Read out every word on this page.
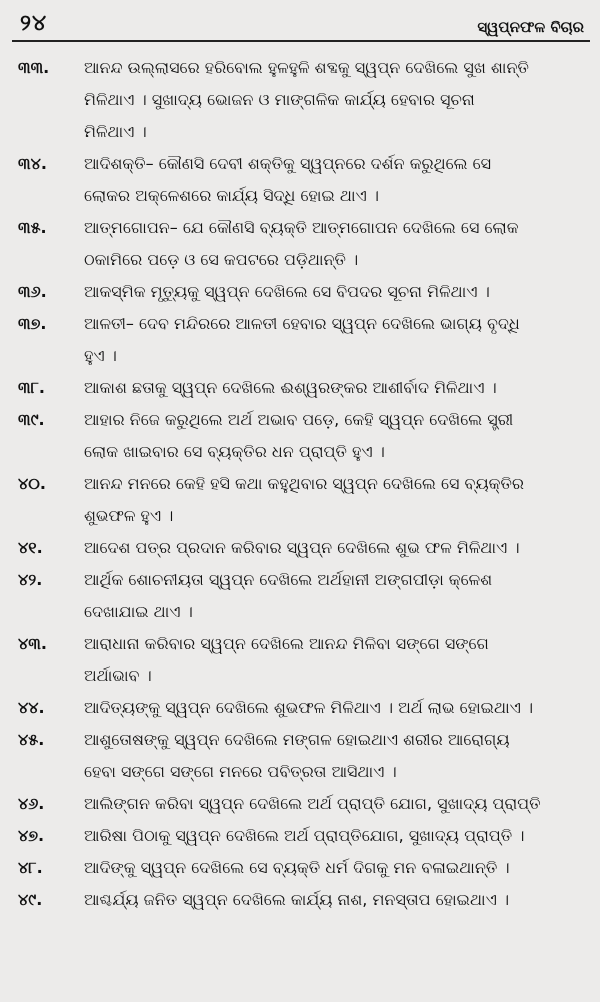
୨୪	ସ୍ୱପ୍ନଫଳ ବିଚାର
୩୩.	ଆନନ୍ଦ ଉଲ୍ଲାସରେ ହରିବୋଲ ହୁଳହୁଳି ଶବ୍ଦକୁ ସ୍ୱପ୍ନ ଦେଖିଲେ ସୁଖ ଶାନ୍ତି
ମିଳିଥାଏ । ସୁଖାଦ୍ୟ ଭୋଜନ ଓ ମାଙ୍ଗଳିକ କାର୍ଯ୍ୟ ହେବାର ସୂଚନା
ମିଳିଥାଏ ।
୩୪.	ଆଦିଶକ୍ତି– କୌଣସି ଦେବୀ ଶକ୍ତିକୁ ସ୍ୱପ୍ନରେ ଦର୍ଶନ କରୁଥିଲେ ସେ
ଲୋକର ଅକ୍ଳେଶରେ କାର୍ଯ୍ୟ ସିଦ୍ଧି ହୋଇ ଥାଏ ।
୩୫.	ଆତ୍ମଗୋପନ– ଯେ କୌଣସି ବ୍ୟକ୍ତି ଆତ୍ମଗୋପନ ଦେଖିଲେ ସେ ଲୋକ
ଠକାମିରେ ପଡ଼େ ଓ ସେ କପଟରେ ପଡ଼ିଥାନ୍ତି ।
୩୬.	ଆକସ୍ମିକ ମୃତ୍ୟୁକୁ ସ୍ୱପ୍ନ ଦେଖିଲେ ସେ ବିପଦର ସୂଚନା ମିଳିଥାଏ ।
୩୭.	ଆଳତୀ– ଦେବ ମନ୍ଦିରରେ ଆଳତୀ ହେବାର ସ୍ୱପ୍ନ ଦେଖିଲେ ଭାଗ୍ୟ ବୃଦ୍ଧି
ହୁଏ ।
୩୮.	ଆକାଶ ଛତାକୁ ସ୍ୱପ୍ନ ଦେଖିଲେ ଈଶ୍ୱରଙ୍କର ଆଶୀର୍ବାଦ ମିଳିଥାଏ ।
୩୯.	ଆହାର ନିଜେ କରୁଥିଲେ ଅର୍ଥ ଅଭାବ ପଡ଼େ, କେହି ସ୍ୱପ୍ନ ଦେଖିଲେ ସ୍ତ୍ରୀ
ଲୋକ ଖାଇବାର ସେ ବ୍ୟକ୍ତିର ଧନ ପ୍ରାପ୍ତି ହୁଏ ।
୪୦.	ଆନନ୍ଦ ମନରେ କେହି ହସି କଥା କହୁଥିବାର ସ୍ୱପ୍ନ ଦେଖିଲେ ସେ ବ୍ୟକ୍ତିର
ଶୁଭଫଳ ହୁଏ ।
୪୧.	ଆଦେଶ ପତ୍ର ପ୍ରଦାନ କରିବାର ସ୍ୱପ୍ନ ଦେଖିଲେ ଶୁଭ ଫଳ ମିଳିଥାଏ ।
୪୨.	ଆର୍ଥିକ ଶୋଚନୀୟତା ସ୍ୱପ୍ନ ଦେଖିଲେ ଅର୍ଥହାନୀ ଅଙ୍ଗପୀଡ଼ା କ୍ଳେଶ
ଦେଖାଯାଇ ଥାଏ ।
୪୩.	ଆରାଧାନା କରିବାର ସ୍ୱପ୍ନ ଦେଖିଲେ ଆନନ୍ଦ ମିଳିବା ସଙ୍ଗେ ସଙ୍ଗେ
ଅର୍ଥାଭାବ ।
୪୪.	ଆଦିତ୍ୟଙ୍କୁ ସ୍ୱପ୍ନ ଦେଖିଲେ ଶୁଭଫଳ ମିଳିଥାଏ । ଅର୍ଥ ଲାଭ ହୋଇଥାଏ ।
୪୫.	ଆଶୁତୋଷଙ୍କୁ ସ୍ୱପ୍ନ ଦେଖିଲେ ମଙ୍ଗଳ ହୋଇଥାଏ ଶରୀର ଆରୋଗ୍ୟ
ହେବା ସଙ୍ଗେ ସଙ୍ଗେ ମନରେ ପବିତ୍ରତା ଆସିଥାଏ ।
୪୬.	ଆଲିଙ୍ଗନ କରିବା ସ୍ୱପ୍ନ ଦେଖିଲେ ଅର୍ଥ ପ୍ରାପ୍ତି ଯୋଗ, ସୁଖାଦ୍ୟ ପ୍ରାପ୍ତି
୪୭.	ଆରିଷା ପିଠାକୁ ସ୍ୱପ୍ନ ଦେଖିଲେ ଅର୍ଥ ପ୍ରାପ୍ତିଯୋଗ, ସୁଖାଦ୍ୟ ପ୍ରାପ୍ତି ।
୪୮.	ଆଦିଙ୍କୁ ସ୍ୱପ୍ନ ଦେଖିଲେ ସେ ବ୍ୟକ୍ତି ଧର୍ମ ଦିଗକୁ ମନ ବଳାଇଥାନ୍ତି ।
୪୯.	ଆଶ୍ଚର୍ଯ୍ୟ ଜନିତ ସ୍ୱପ୍ନ ଦେଖିଲେ କାର୍ଯ୍ୟ ନାଶ, ମନସ୍ତାପ ହୋଇଥାଏ ।
